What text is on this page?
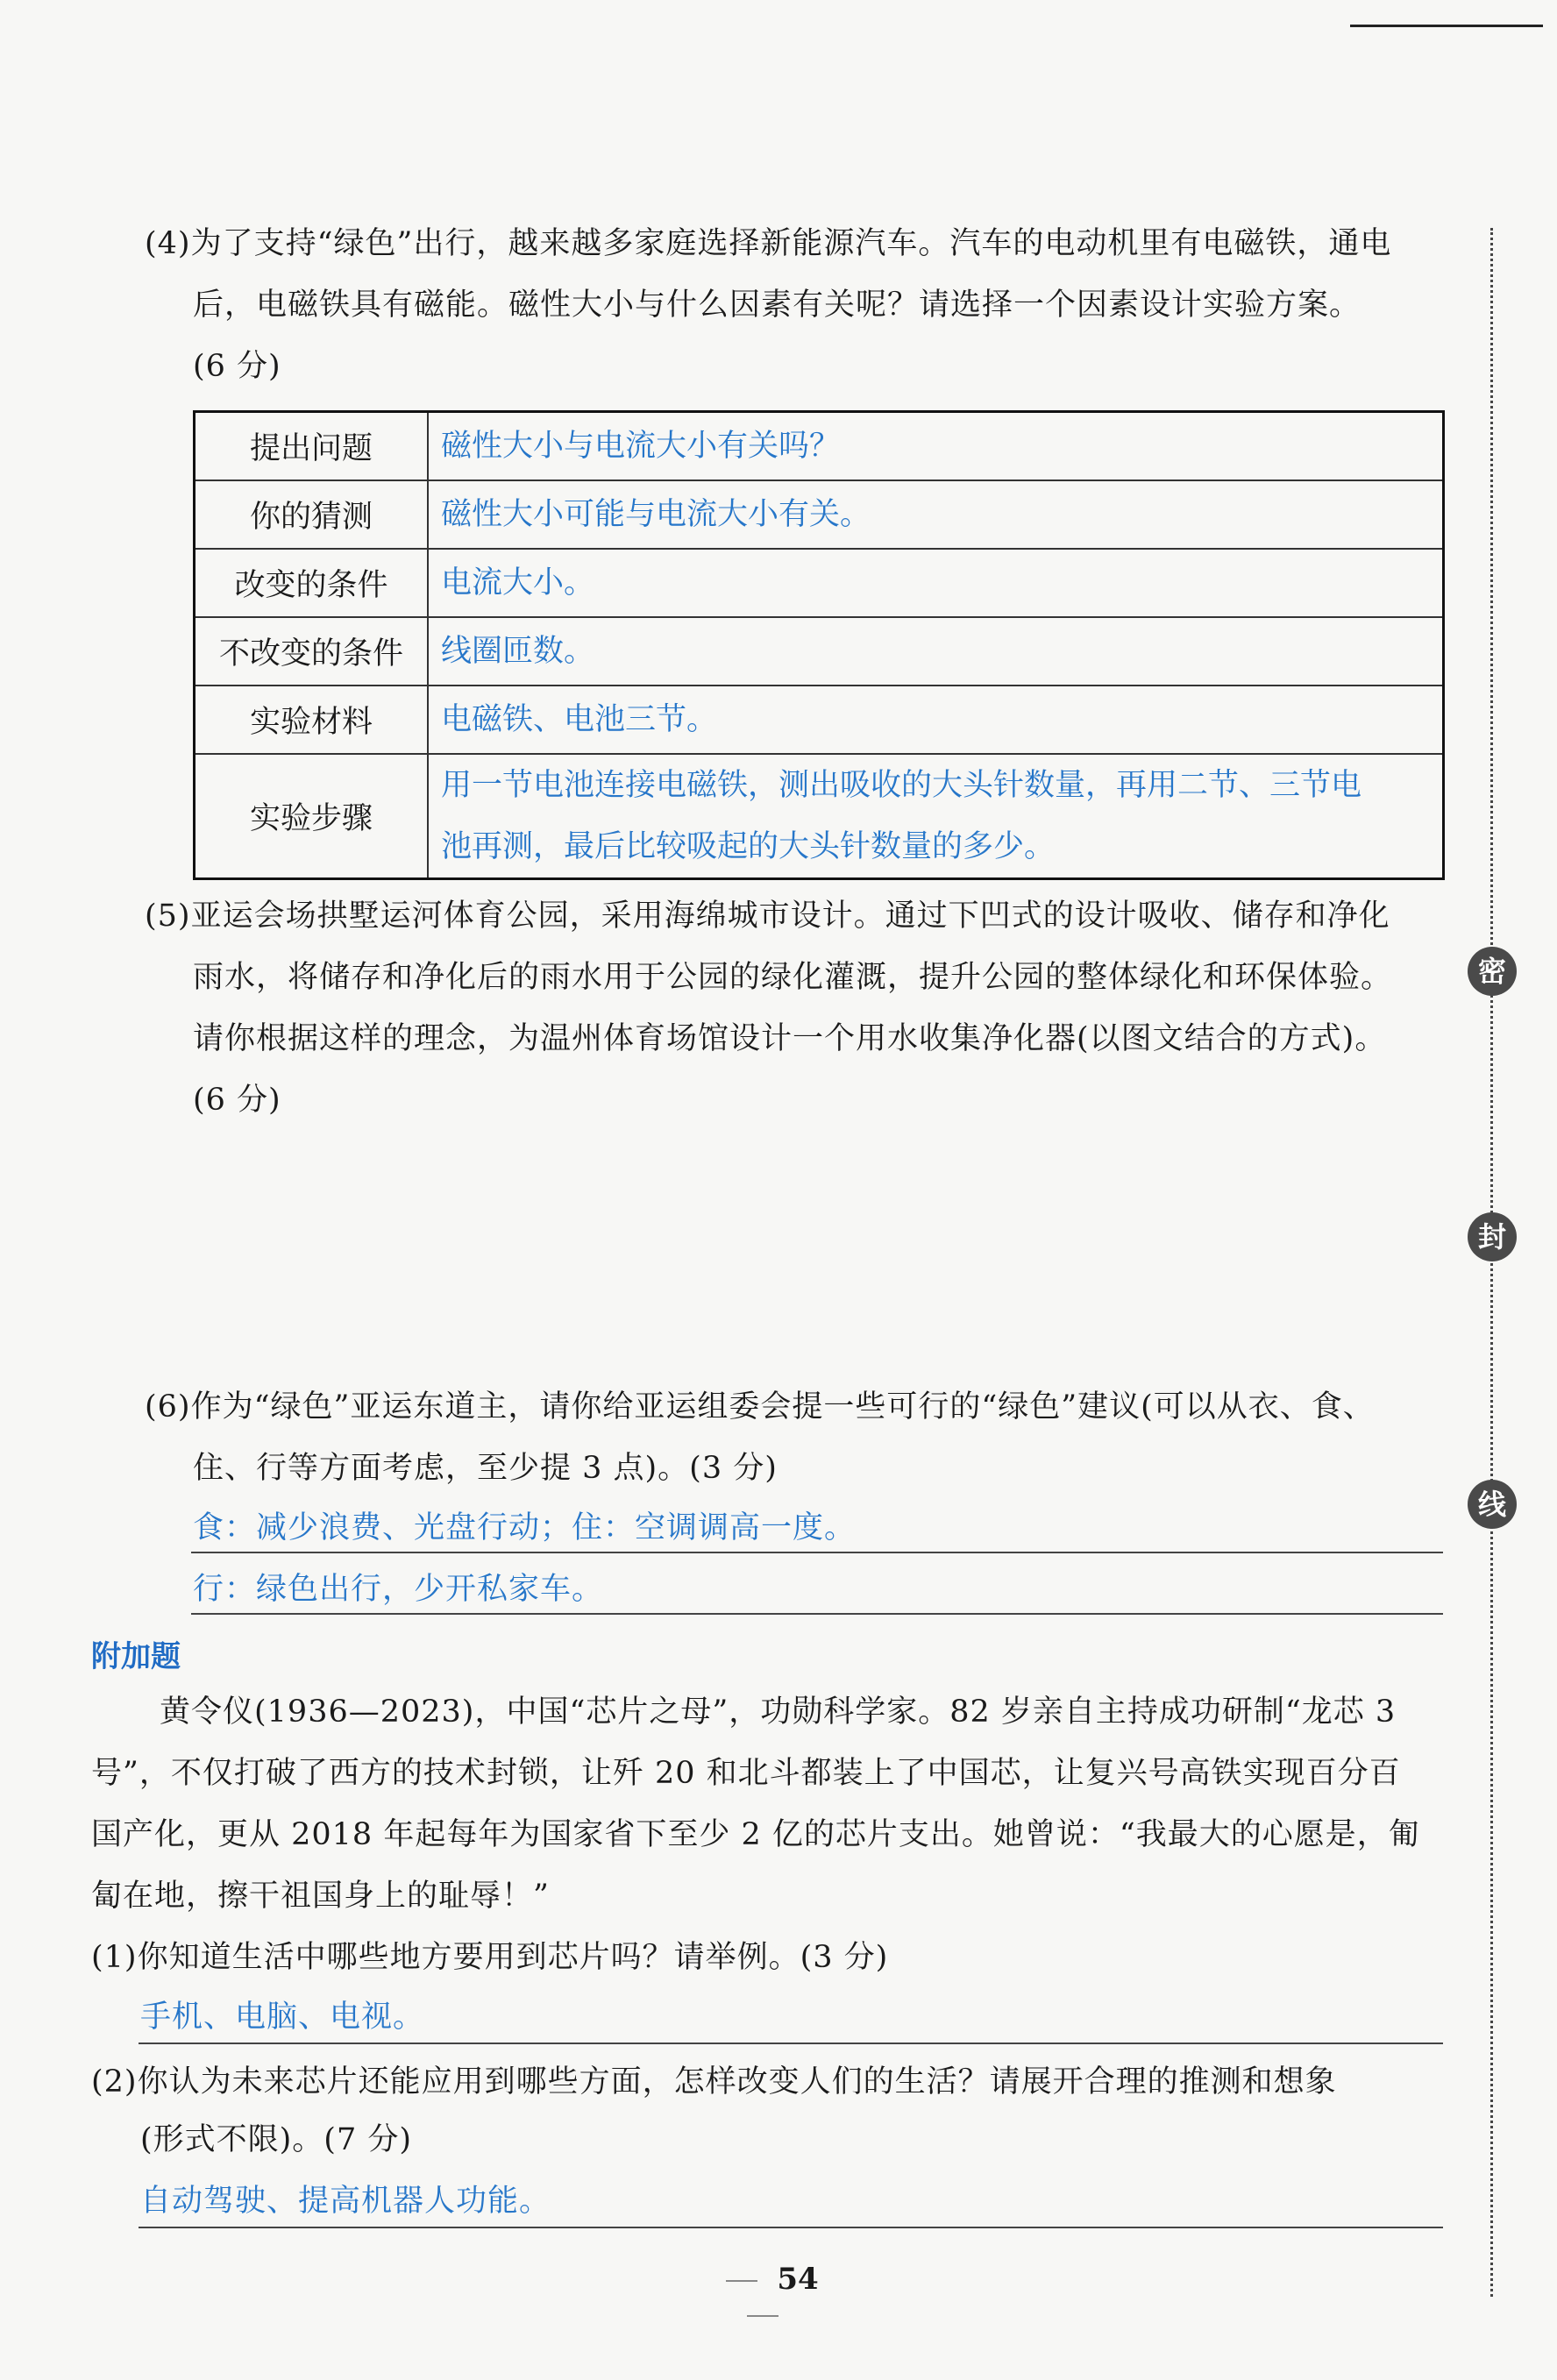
(4)为了支持“绿色”出行，越来越多家庭选择新能源汽车。汽车的电动机里有电磁铁，通电
后，电磁铁具有磁能。磁性大小与什么因素有关呢？请选择一个因素设计实验方案。
(6 分)
提出问题	磁性大小与电流大小有关吗？
你的猜测	磁性大小可能与电流大小有关。
改变的条件	电流大小。
不改变的条件	线圈匝数。
实验材料	电磁铁、电池三节。
实验步骤	用一节电池连接电磁铁，测出吸收的大头针数量，再用二节、三节电
池再测，最后比较吸起的大头针数量的多少。
(5)亚运会场拱墅运河体育公园，采用海绵城市设计。通过下凹式的设计吸收、储存和净化
雨水，将储存和净化后的雨水用于公园的绿化灌溉，提升公园的整体绿化和环保体验。
请你根据这样的理念，为温州体育场馆设计一个用水收集净化器(以图文结合的方式)。
(6 分)
(6)作为“绿色”亚运东道主，请你给亚运组委会提一些可行的“绿色”建议(可以从衣、食、
住、行等方面考虑，至少提 3 点)。(3 分)
食：减少浪费、光盘行动；住：空调调高一度。
行：绿色出行，少开私家车。
附加题
黄令仪(1936—2023)，中国“芯片之母”，功勋科学家。82 岁亲自主持成功研制“龙芯 3
号”，不仅打破了西方的技术封锁，让歼 20 和北斗都装上了中国芯，让复兴号高铁实现百分百
国产化，更从 2018 年起每年为国家省下至少 2 亿的芯片支出。她曾说：“我最大的心愿是，匍
匐在地，擦干祖国身上的耻辱！”
(1)你知道生活中哪些地方要用到芯片吗？请举例。(3 分)
手机、电脑、电视。
(2)你认为未来芯片还能应用到哪些方面，怎样改变人们的生活？请展开合理的推测和想象
(形式不限)。(7 分)
自动驾驶、提高机器人功能。
密
封
线
54
